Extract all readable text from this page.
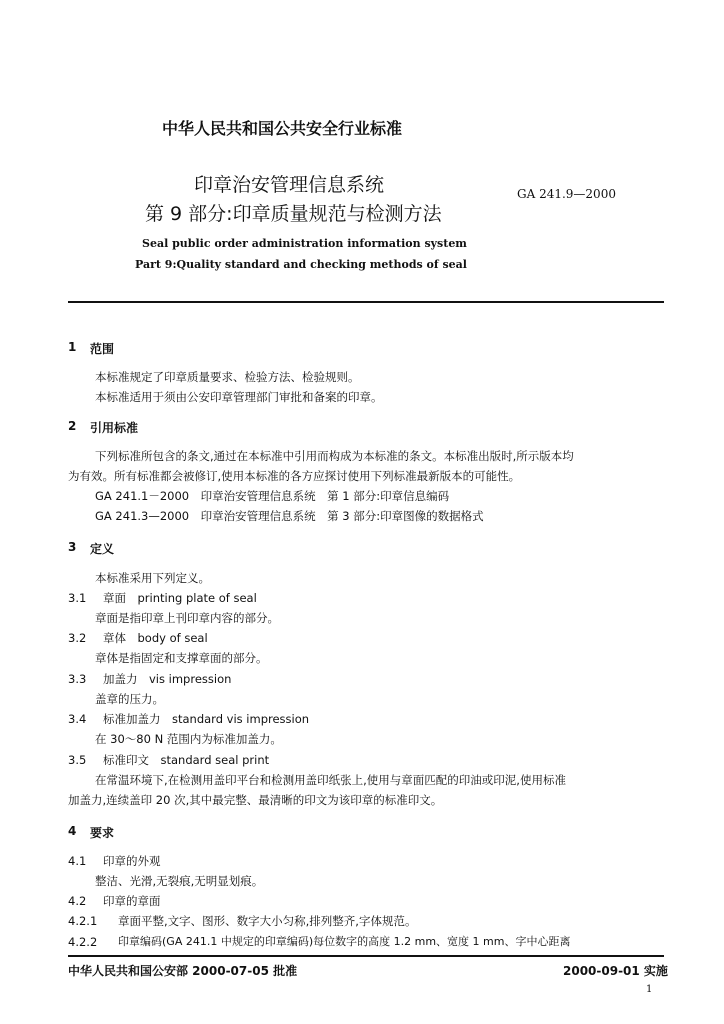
中华人民共和国公共安全行业标准
印章治安管理信息系统
第 9 部分:印章质量规范与检测方法
GA 241.9—2000
Seal public order administration information system
Part 9:Quality standard and checking methods of seal
1 范围
本标准规定了印章质量要求、检验方法、检验规则。
本标准适用于须由公安印章管理部门审批和备案的印章。
2 引用标准
下列标准所包含的条文,通过在本标准中引用而构成为本标准的条文。本标准出版时,所示版本均
为有效。所有标准都会被修订,使用本标准的各方应探讨使用下列标准最新版本的可能性。
GA 241.1－2000　印章治安管理信息系统　第 1 部分:印章信息编码
GA 241.3—2000　印章治安管理信息系统　第 3 部分:印章图像的数据格式
3 定义
本标准采用下列定义。
3.1 章面　printing plate of seal
章面是指印章上刊印章内容的部分。
3.2 章体　body of seal
章体是指固定和支撑章面的部分。
3.3 加盖力　vis impression
盖章的压力。
3.4 标准加盖力　standard vis impression
在 30～80 N 范围内为标准加盖力。
3.5 标准印文　standard seal print
在常温环境下,在检测用盖印平台和检测用盖印纸张上,使用与章面匹配的印油或印泥,使用标准
加盖力,连续盖印 20 次,其中最完整、最清晰的印文为该印章的标准印文。
4 要求
4.1 印章的外观
整洁、光滑,无裂痕,无明显划痕。
4.2 印章的章面
4.2.1 章面平整,文字、图形、数字大小匀称,排列整齐,字体规范。
4.2.2 印章编码(GA 241.1 中规定的印章编码)每位数字的高度 1.2 mm、宽度 1 mm、字中心距离
中华人民共和国公安部 2000-07-05 批准	2000-09-01 实施
1
